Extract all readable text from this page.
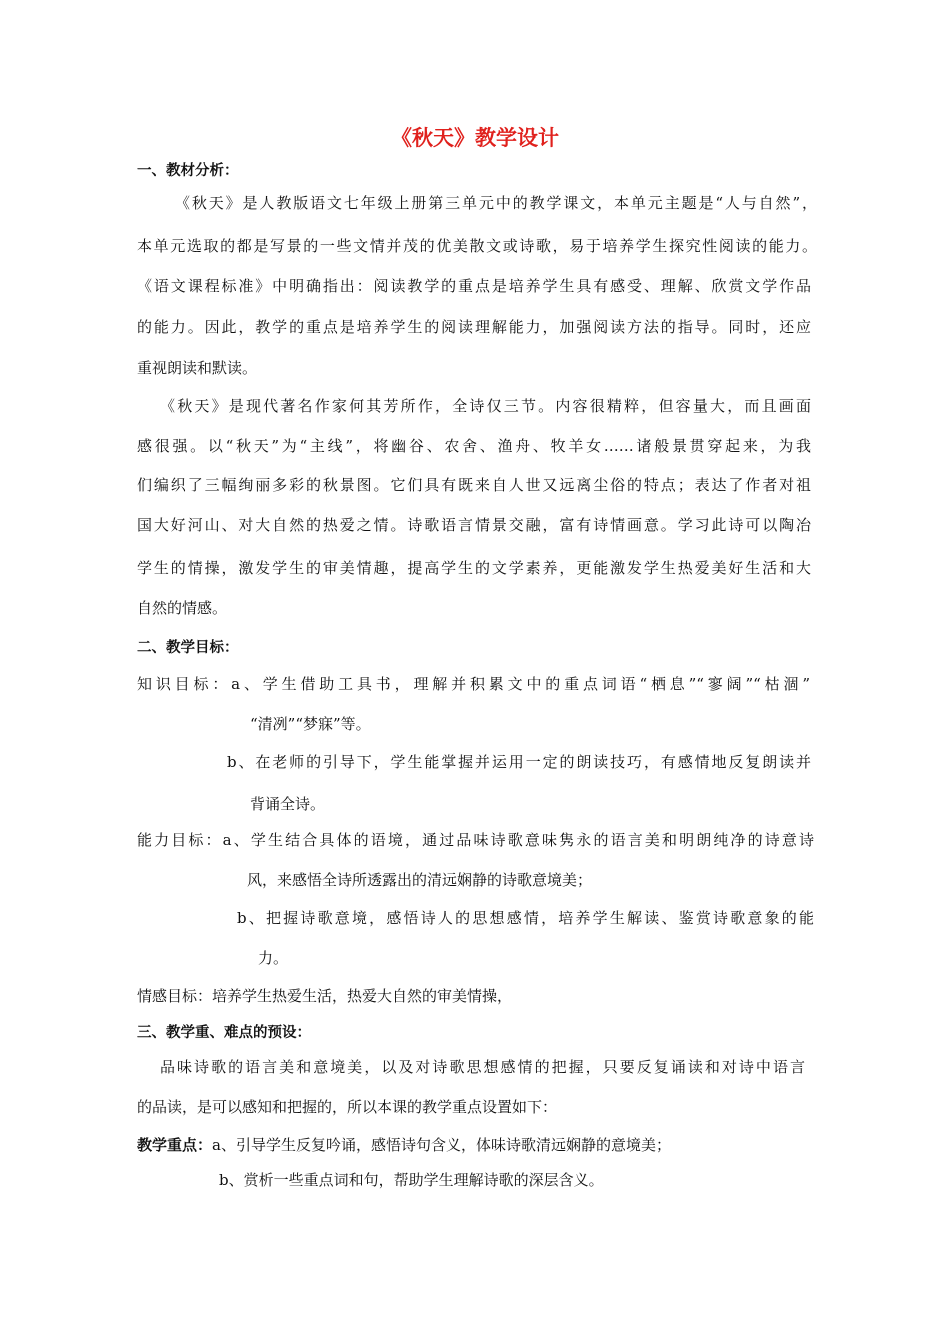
《秋天》教学设计
一、教材分析：
《秋天》是人教版语文七年级上册第三单元中的教学课文，本单元主题是“人与自然”，
本单元选取的都是写景的一些文情并茂的优美散文或诗歌，易于培养学生探究性阅读的能力。
《语文课程标准》中明确指出：阅读教学的重点是培养学生具有感受、理解、欣赏文学作品
的能力。因此，教学的重点是培养学生的阅读理解能力，加强阅读方法的指导。同时，还应
重视朗读和默读。
《秋天》是现代著名作家何其芳所作，全诗仅三节。内容很精粹，但容量大，而且画面
感很强。以“秋天”为“主线”，将幽谷、农舍、渔舟、牧羊女……诸般景贯穿起来，为我
们编织了三幅绚丽多彩的秋景图。它们具有既来自人世又远离尘俗的特点；表达了作者对祖
国大好河山、对大自然的热爱之情。诗歌语言情景交融，富有诗情画意。学习此诗可以陶冶
学生的情操，激发学生的审美情趣，提高学生的文学素养，更能激发学生热爱美好生活和大
自然的情感。
二、教学目标：
知识目标：a、学生借助工具书，理解并积累文中的重点词语“栖息”“寥阔”“枯涸”
“清冽”“梦寐”等。
b、在老师的引导下，学生能掌握并运用一定的朗读技巧，有感情地反复朗读并
背诵全诗。
能力目标：a、学生结合具体的语境，通过品味诗歌意味隽永的语言美和明朗纯净的诗意诗
风，来感悟全诗所透露出的清远娴静的诗歌意境美；
b、把握诗歌意境，感悟诗人的思想感情，培养学生解读、鉴赏诗歌意象的能
力。
情感目标：培养学生热爱生活，热爱大自然的审美情操，
三、教学重、难点的预设：
品味诗歌的语言美和意境美，以及对诗歌思想感情的把握，只要反复诵读和对诗中语言
的品读，是可以感知和把握的，所以本课的教学重点设置如下：
教学重点：a、引导学生反复吟诵，感悟诗句含义，体味诗歌清远娴静的意境美；
b、赏析一些重点词和句，帮助学生理解诗歌的深层含义。
